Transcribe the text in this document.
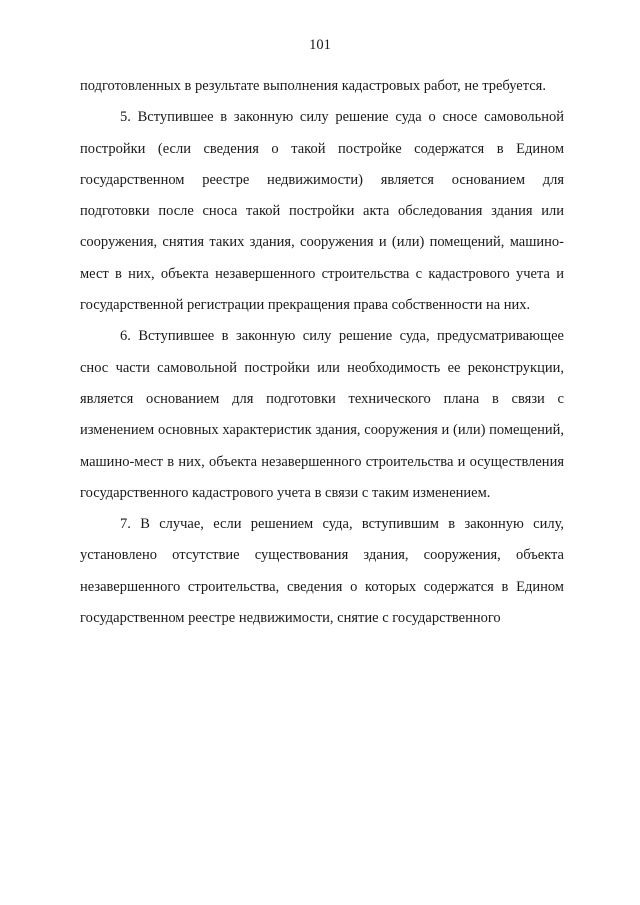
101

подготовленных в результате выполнения кадастровых работ, не требуется.

5. Вступившее в законную силу решение суда о сносе самовольной постройки (если сведения о такой постройке содержатся в Едином государственном реестре недвижимости) является основанием для подготовки после сноса такой постройки акта обследования здания или сооружения, снятия таких здания, сооружения и (или) помещений, машино-мест в них, объекта незавершенного строительства с кадастрового учета и государственной регистрации прекращения права собственности на них.

6. Вступившее в законную силу решение суда, предусматривающее снос части самовольной постройки или необходимость ее реконструкции, является основанием для подготовки технического плана в связи с изменением основных характеристик здания, сооружения и (или) помещений, машино-мест в них, объекта незавершенного строительства и осуществления государственного кадастрового учета в связи с таким изменением.

7. В случае, если решением суда, вступившим в законную силу, установлено отсутствие существования здания, сооружения, объекта незавершенного строительства, сведения о которых содержатся в Едином государственном реестре недвижимости, снятие с государственного
